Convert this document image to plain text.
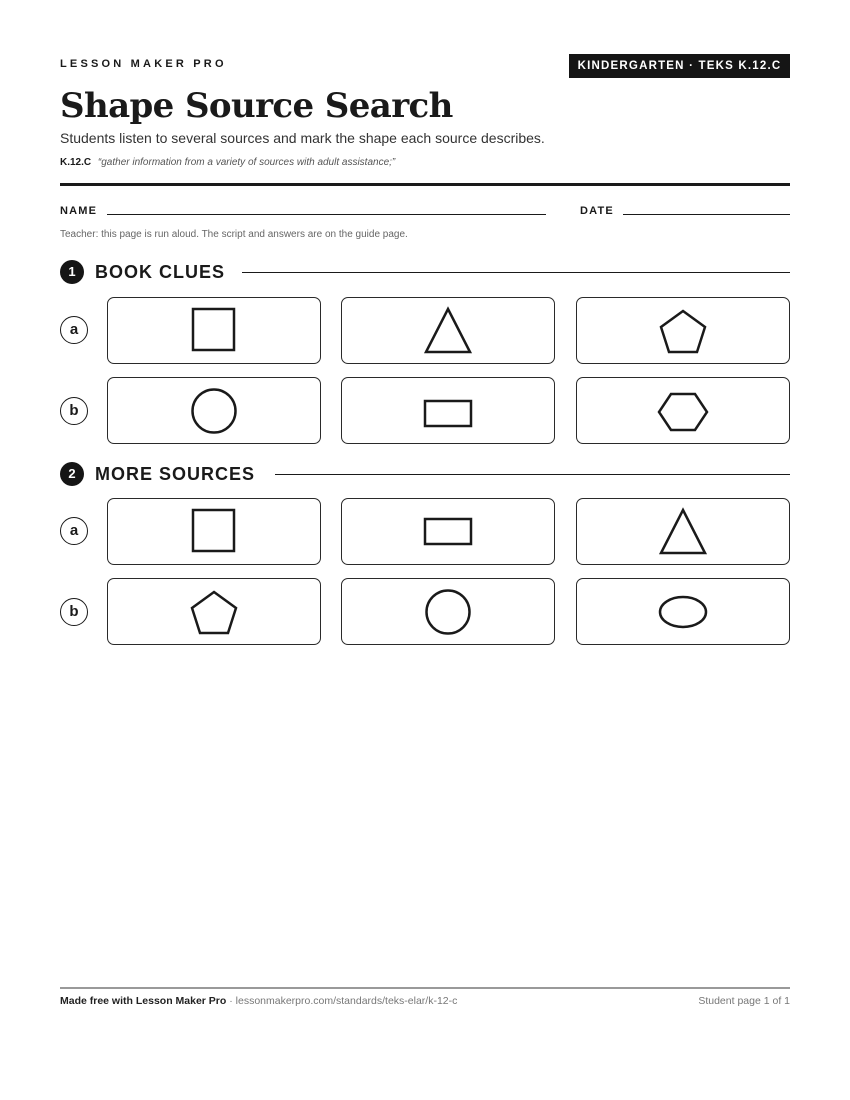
LESSON MAKER PRO	KINDERGARTEN · TEKS K.12.C
Shape Source Search
Students listen to several sources and mark the shape each source describes.
K.12.C “gather information from a variety of sources with adult assistance;”
NAME	DATE
Teacher: this page is run aloud. The script and answers are on the guide page.
1	BOOK CLUES
a
b
2	MORE SOURCES
a
b
Made free with Lesson Maker Pro · lessonmakerpro.com/standards/teks-elar/k-12-c	Student page 1 of 1
